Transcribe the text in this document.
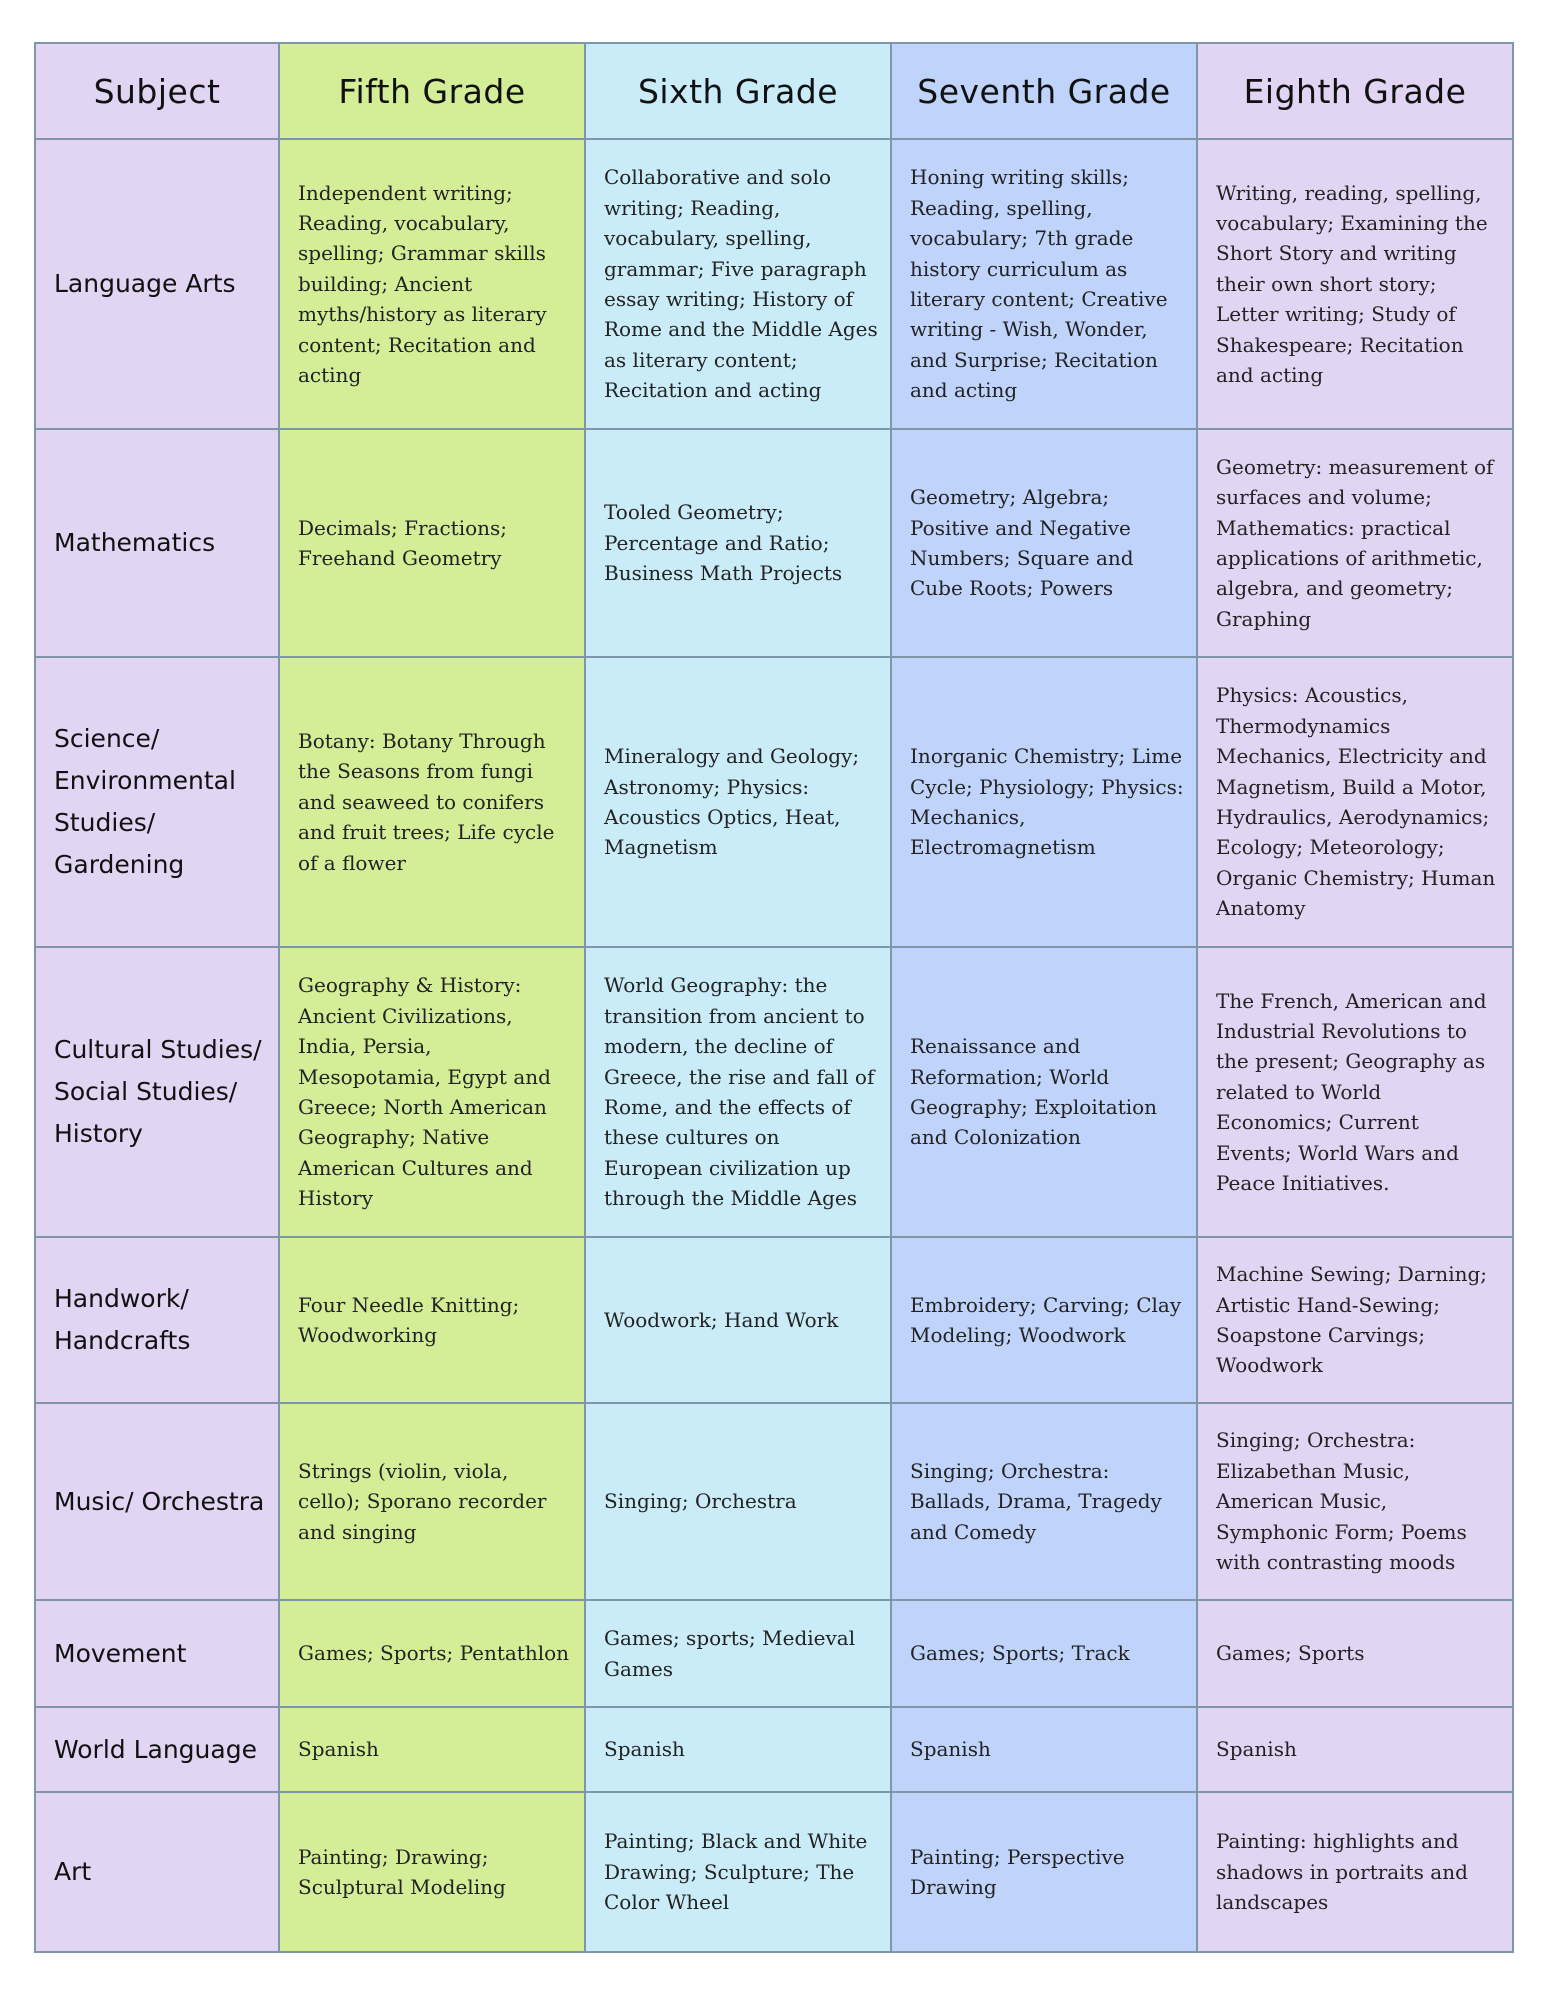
Subject	Fifth Grade	Sixth Grade	Seventh Grade	Eighth Grade
Language Arts	Independent writing; Reading, vocabulary, spelling; Grammar skills building; Ancient myths/history as literary content; Recitation and acting	Collaborative and solo writing; Reading, vocabulary, spelling, grammar; Five paragraph essay writing; History of Rome and the Middle Ages as literary content; Recitation and acting	Honing writing skills; Reading, spelling, vocabulary; 7th grade history curriculum as literary content; Creative writing - Wish, Wonder, and Surprise; Recitation and acting	Writing, reading, spelling, vocabulary; Examining the Short Story and writing their own short story; Letter writing; Study of Shakespeare; Recitation and acting
Mathematics	Decimals; Fractions; Freehand Geometry	Tooled Geometry; Percentage and Ratio; Business Math Projects	Geometry; Algebra; Positive and Negative Numbers; Square and Cube Roots; Powers	Geometry: measurement of surfaces and volume; Mathematics: practical applications of arithmetic, algebra, and geometry; Graphing
Science/ Environmental Studies/ Gardening	Botany: Botany Through the Seasons from fungi and seaweed to conifers and fruit trees; Life cycle of a flower	Mineralogy and Geology; Astronomy; Physics: Acoustics Optics, Heat, Magnetism	Inorganic Chemistry; Lime Cycle; Physiology; Physics: Mechanics, Electromagnetism	Physics: Acoustics, Thermodynamics Mechanics, Electricity and Magnetism, Build a Motor, Hydraulics, Aerodynamics; Ecology; Meteorology; Organic Chemistry; Human Anatomy
Cultural Studies/ Social Studies/ History	Geography & History: Ancient Civilizations, India, Persia, Mesopotamia, Egypt and Greece; North American Geography; Native American Cultures and History	World Geography: the transition from ancient to modern, the decline of Greece, the rise and fall of Rome, and the effects of these cultures on European civilization up through the Middle Ages	Renaissance and Reformation; World Geography; Exploitation and Colonization	The French, American and Industrial Revolutions to the present; Geography as related to World Economics; Current Events; World Wars and Peace Initiatives.
Handwork/ Handcrafts	Four Needle Knitting; Woodworking	Woodwork; Hand Work	Embroidery; Carving; Clay Modeling; Woodwork	Machine Sewing; Darning; Artistic Hand-Sewing; Soapstone Carvings; Woodwork
Music/ Orchestra	Strings (violin, viola, cello); Sporano recorder and singing	Singing; Orchestra	Singing; Orchestra: Ballads, Drama, Tragedy and Comedy	Singing; Orchestra: Elizabethan Music, American Music, Symphonic Form; Poems with contrasting moods
Movement	Games; Sports; Pentathlon	Games; sports; Medieval Games	Games; Sports; Track	Games; Sports
World Language	Spanish	Spanish	Spanish	Spanish
Art	Painting; Drawing; Sculptural Modeling	Painting; Black and White Drawing; Sculpture; The Color Wheel	Painting; Perspective Drawing	Painting: highlights and shadows in portraits and landscapes
